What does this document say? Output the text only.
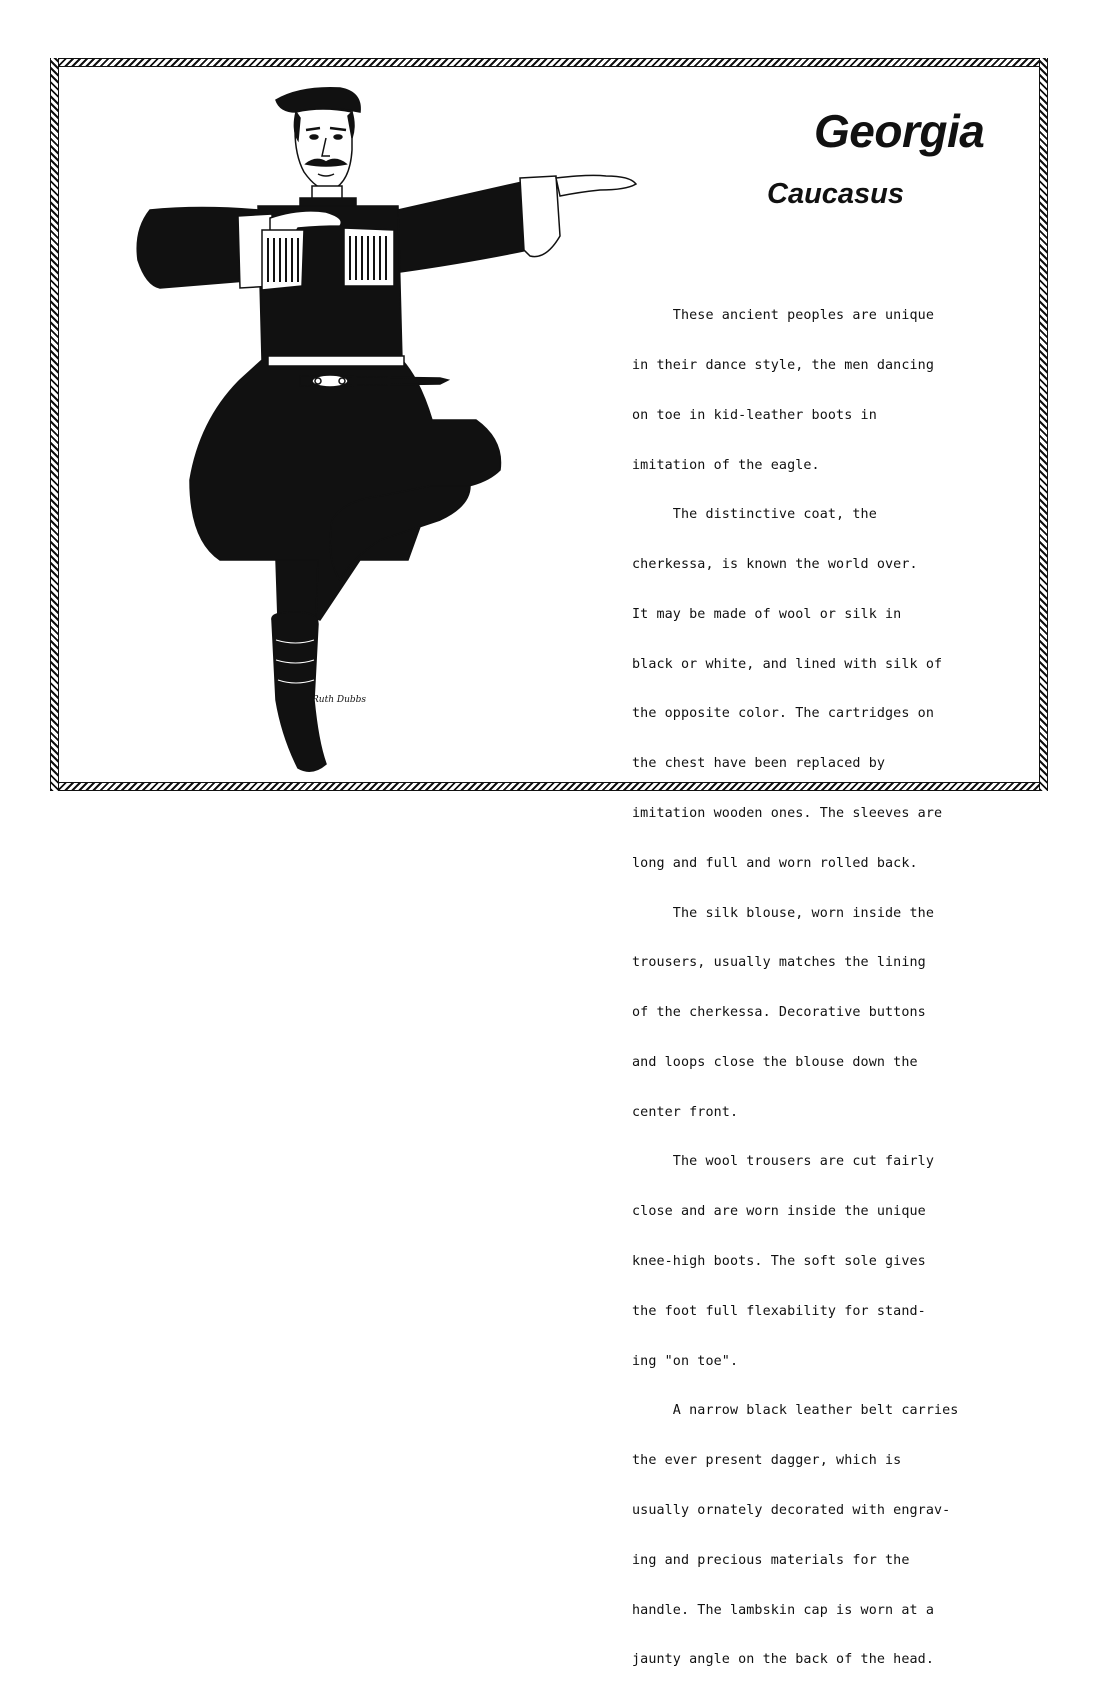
Georgia
Caucasus

These ancient peoples are unique

in their dance style, the men dancing

on toe in kid-leather boots in

imitation of the eagle.

The distinctive coat, the

cherkessa, is known the world over.

It may be made of wool or silk in

black or white, and lined with silk of

the opposite color. The cartridges on

the chest have been replaced by

imitation wooden ones. The sleeves are

long and full and worn rolled back.

The silk blouse, worn inside the

trousers, usually matches the lining

of the cherkessa. Decorative buttons

and loops close the blouse down the

center front.

The wool trousers are cut fairly

close and are worn inside the unique

knee-high boots. The soft sole gives

the foot full flexability for stand-

ing "on toe".

A narrow black leather belt carries

the ever present dagger, which is

usually ornately decorated with engrav-

ing and precious materials for the

handle. The lambskin cap is worn at a

jaunty angle on the back of the head.

Ruth Dubbs
